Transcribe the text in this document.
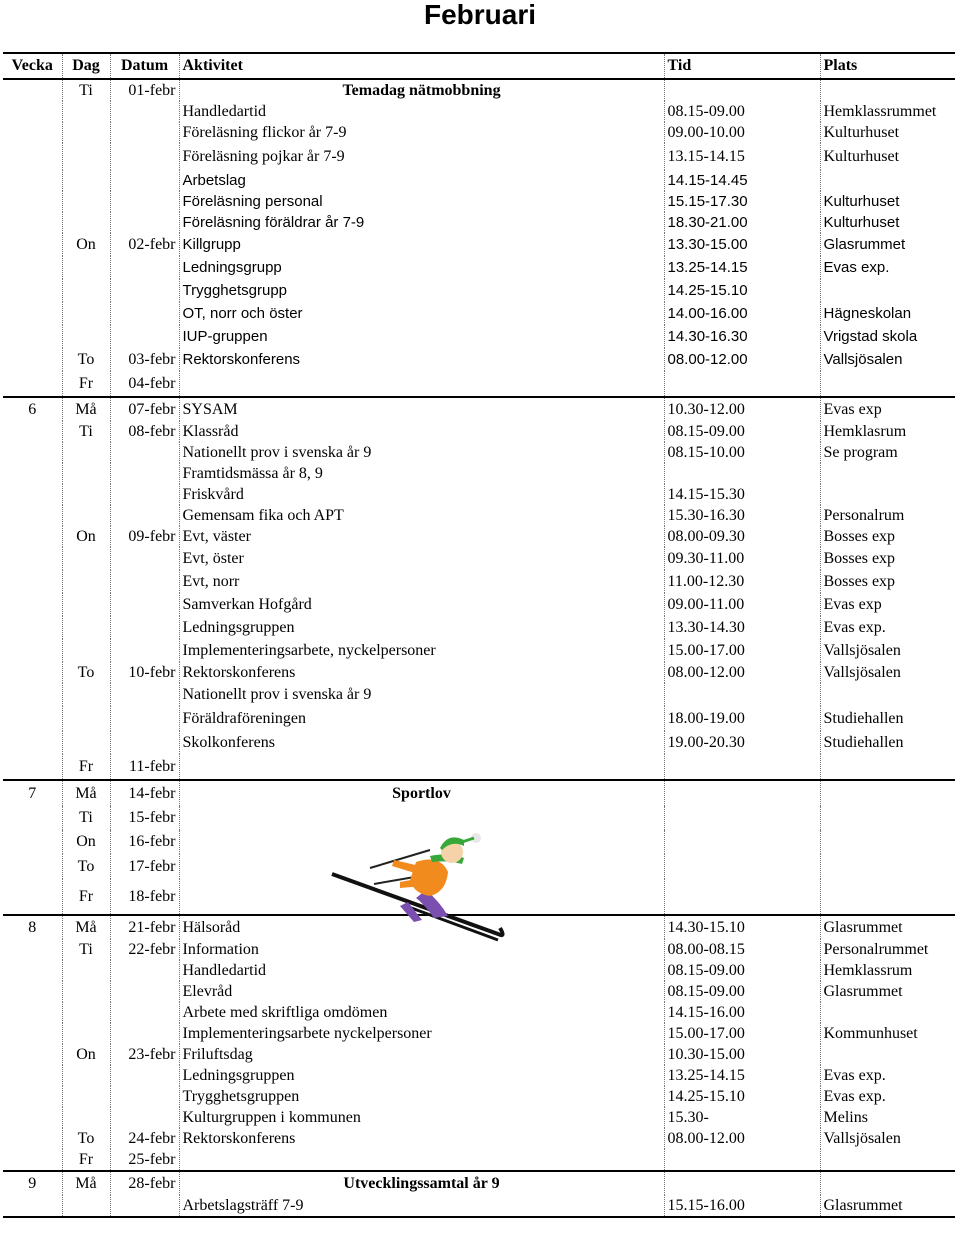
Februari
Vecka	Dag	Datum	Aktivitet	Tid	Plats
	Ti	01-febr	Temadag nätmobbning		
			Handledartid	08.15-09.00	Hemklassrummet
			Föreläsning flickor år 7-9	09.00-10.00	Kulturhuset
			Föreläsning pojkar år 7-9	13.15-14.15	Kulturhuset
			Arbetslag	14.15-14.45	
			Föreläsning personal	15.15-17.30	Kulturhuset
			Föreläsning föräldrar år 7-9	18.30-21.00	Kulturhuset
	On	02-febr	Killgrupp	13.30-15.00	Glasrummet
			Ledningsgrupp	13.25-14.15	Evas exp.
			Trygghetsgrupp	14.25-15.10	
			OT, norr och öster	14.00-16.00	Hägneskolan
			IUP-gruppen	14.30-16.30	Vrigstad skola
	To	03-febr	Rektorskonferens	08.00-12.00	Vallsjösalen
	Fr	04-febr			
6	Må	07-febr	SYSAM	10.30-12.00	Evas exp
	Ti	08-febr	Klassråd	08.15-09.00	Hemklasrum
			Nationellt prov i svenska år 9	08.15-10.00	Se program
			Framtidsmässa år 8, 9		
			Friskvård	14.15-15.30	
			Gemensam fika och APT	15.30-16.30	Personalrum
	On	09-febr	Evt, väster	08.00-09.30	Bosses exp
			Evt, öster	09.30-11.00	Bosses exp
			Evt, norr	11.00-12.30	Bosses exp
			Samverkan Hofgård	09.00-11.00	Evas exp
			Ledningsgruppen	13.30-14.30	Evas exp.
			Implementeringsarbete, nyckelpersoner	15.00-17.00	Vallsjösalen
	To	10-febr	Rektorskonferens	08.00-12.00	Vallsjösalen
			Nationellt prov i svenska år 9		
			Föräldraföreningen	18.00-19.00	Studiehallen
			Skolkonferens	19.00-20.30	Studiehallen
	Fr	11-febr			
7	Må	14-febr	Sportlov		
	Ti	15-febr			
	On	16-febr			
	To	17-febr			
	Fr	18-febr			
8	Må	21-febr	Hälsoråd	14.30-15.10	Glasrummet
	Ti	22-febr	Information	08.00-08.15	Personalrummet
			Handledartid	08.15-09.00	Hemklassrum
			Elevråd	08.15-09.00	Glasrummet
			Arbete med skriftliga omdömen	14.15-16.00	
			Implementeringsarbete nyckelpersoner	15.00-17.00	Kommunhuset
	On	23-febr	Friluftsdag	10.30-15.00	
			Ledningsgruppen	13.25-14.15	Evas exp.
			Trygghetsgruppen	14.25-15.10	Evas exp.
			Kulturgruppen i kommunen	15.30-	Melins
	To	24-febr	Rektorskonferens	08.00-12.00	Vallsjösalen
	Fr	25-febr			
9	Må	28-febr	Utvecklingssamtal år 9		
			Arbetslagsträff 7-9	15.15-16.00	Glasrummet
